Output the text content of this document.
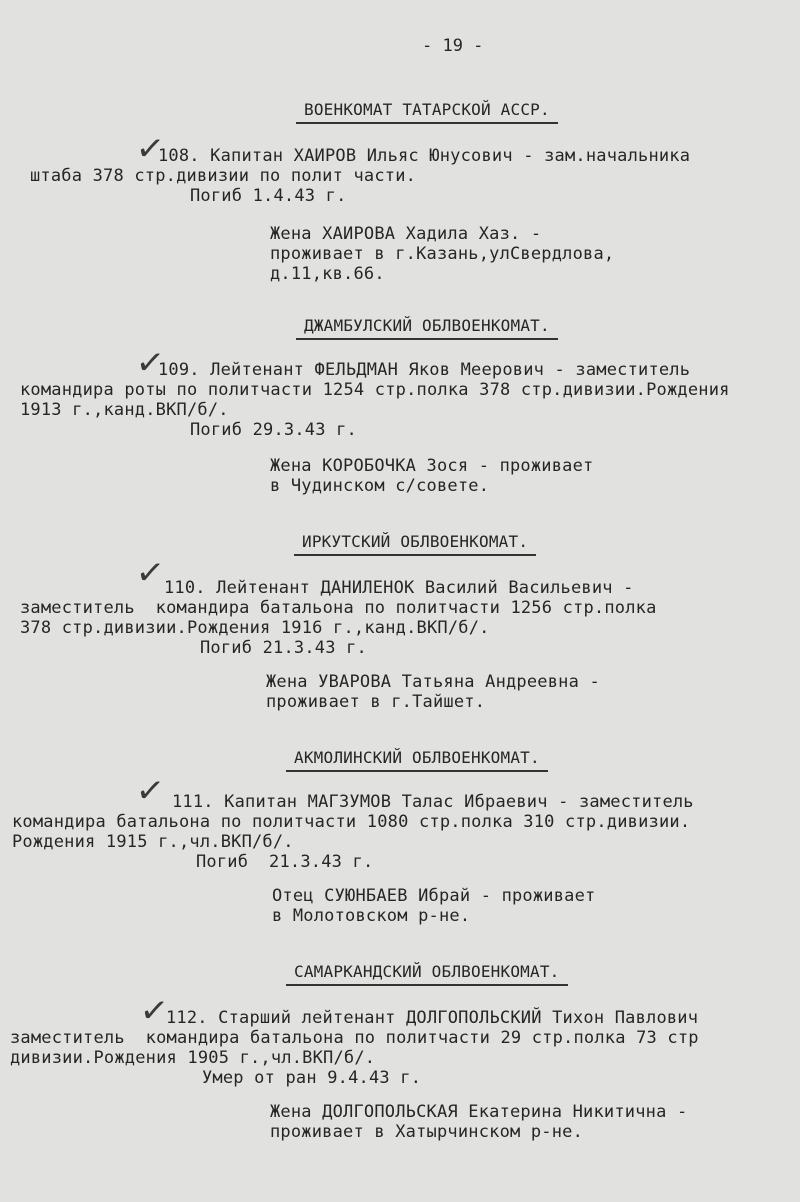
- 19 -
ВОЕНКОМАТ ТАТАРСКОЙ АССР.
✓
108. Капитан ХАИРОВ Ильяс Юнусович - зам.начальника
штаба 378 стр.дивизии по полит части.
Погиб 1.4.43 г.
Жена ХАИРОВА Хадила Хаз. -
проживает в г.Казань,улСвердлова,
д.11,кв.66.
ДЖАМБУЛСКИЙ ОБЛВОЕНКОМАТ.
✓
109. Лейтенант ФЕЛЬДМАН Яков Меерович - заместитель
командира роты по политчасти 1254 стр.полка 378 стр.дивизии.Рождения
1913 г.,канд.ВКП/б/.
Погиб 29.3.43 г.
Жена КОРОБОЧКА Зося - проживает
в Чудинском с/совете.
ИРКУТСКИЙ ОБЛВОЕНКОМАТ.
✓
110. Лейтенант ДАНИЛЕНОК Василий Васильевич -
заместитель  командира батальона по политчасти 1256 стр.полка
378 стр.дивизии.Рождения 1916 г.,канд.ВКП/б/.
Погиб 21.3.43 г.
Жена УВАРОВА Татьяна Андреевна -
проживает в г.Тайшет.
АКМОЛИНСКИЙ ОБЛВОЕНКОМАТ.
✓ 111. Капитан МАГЗУМОВ Талас Ибраевич - заместитель
командира батальона по политчасти 1080 стр.полка 310 стр.дивизии.
Рождения 1915 г.,чл.ВКП/б/.
Погиб  21.3.43 г.
Отец СУЮНБАЕВ Ибрай - проживает
в Молотовском р-не.
САМАРКАНДСКИЙ ОБЛВОЕНКОМАТ.
✓
112. Старший лейтенант ДОЛГОПОЛЬСКИЙ Тихон Павлович
заместитель  командира батальона по политчасти 29 стр.полка 73 стр
дивизии.Рождения 1905 г.,чл.ВКП/б/.
Умер от ран 9.4.43 г.
Жена ДОЛГОПОЛЬСКАЯ Екатерина Никитична -
проживает в Хатырчинском р-не.
